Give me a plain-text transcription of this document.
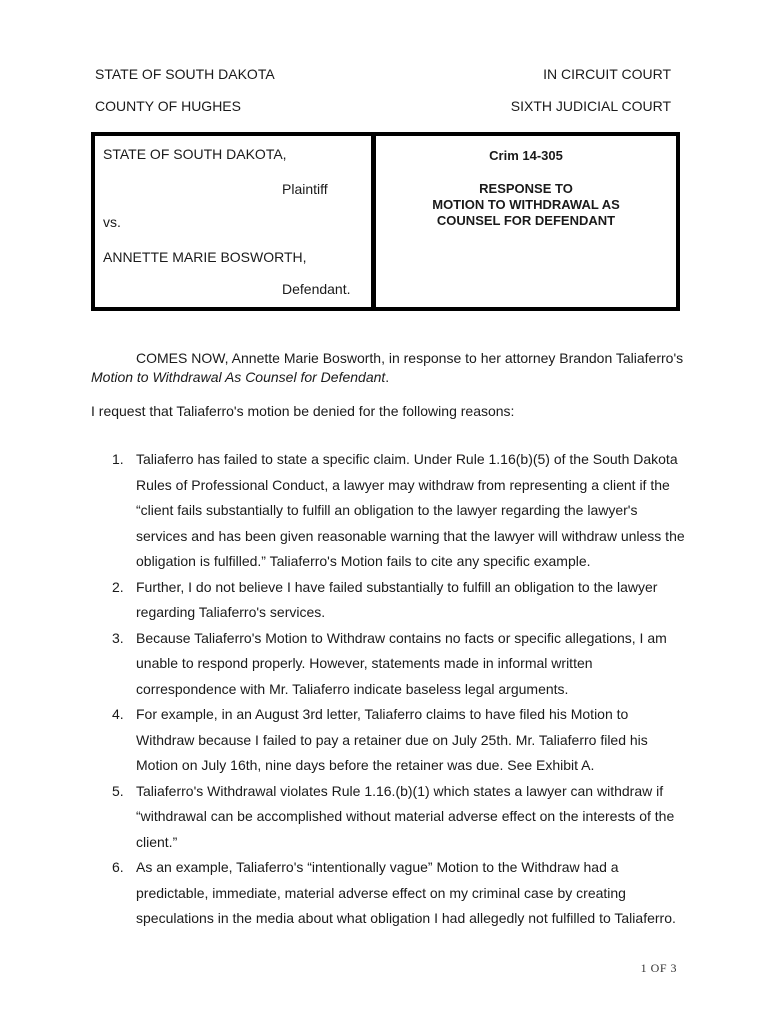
STATE OF SOUTH DAKOTA	IN CIRCUIT COURT
COUNTY OF HUGHES	SIXTH JUDICIAL COURT
STATE OF SOUTH DAKOTA,
Plaintiff
vs.
ANNETTE MARIE BOSWORTH,
Defendant.
Crim 14-305
RESPONSE TO
MOTION TO WITHDRAWAL AS
COUNSEL FOR DEFENDANT
COMES NOW, Annette Marie Bosworth, in response to her attorney Brandon Taliaferro's
Motion to Withdrawal As Counsel for Defendant.
I request that Taliaferro's motion be denied for the following reasons:
1. Taliaferro has failed to state a specific claim. Under Rule 1.16(b)(5) of the South Dakota
Rules of Professional Conduct, a lawyer may withdraw from representing a client if the
“client fails substantially to fulfill an obligation to the lawyer regarding the lawyer's
services and has been given reasonable warning that the lawyer will withdraw unless the
obligation is fulfilled.” Taliaferro's Motion fails to cite any specific example.
2. Further, I do not believe I have failed substantially to fulfill an obligation to the lawyer
regarding Taliaferro's services.
3. Because Taliaferro's Motion to Withdraw contains no facts or specific allegations, I am
unable to respond properly. However, statements made in informal written
correspondence with Mr. Taliaferro indicate baseless legal arguments.
4. For example, in an August 3rd letter, Taliaferro claims to have filed his Motion to
Withdraw because I failed to pay a retainer due on July 25th. Mr. Taliaferro filed his
Motion on July 16th, nine days before the retainer was due. See Exhibit A.
5. Taliaferro's Withdrawal violates Rule 1.16.(b)(1) which states a lawyer can withdraw if
“withdrawal can be accomplished without material adverse effect on the interests of the
client.”
6. As an example, Taliaferro's “intentionally vague” Motion to the Withdraw had a
predictable, immediate, material adverse effect on my criminal case by creating
speculations in the media about what obligation I had allegedly not fulfilled to Taliaferro.
1 OF 3
